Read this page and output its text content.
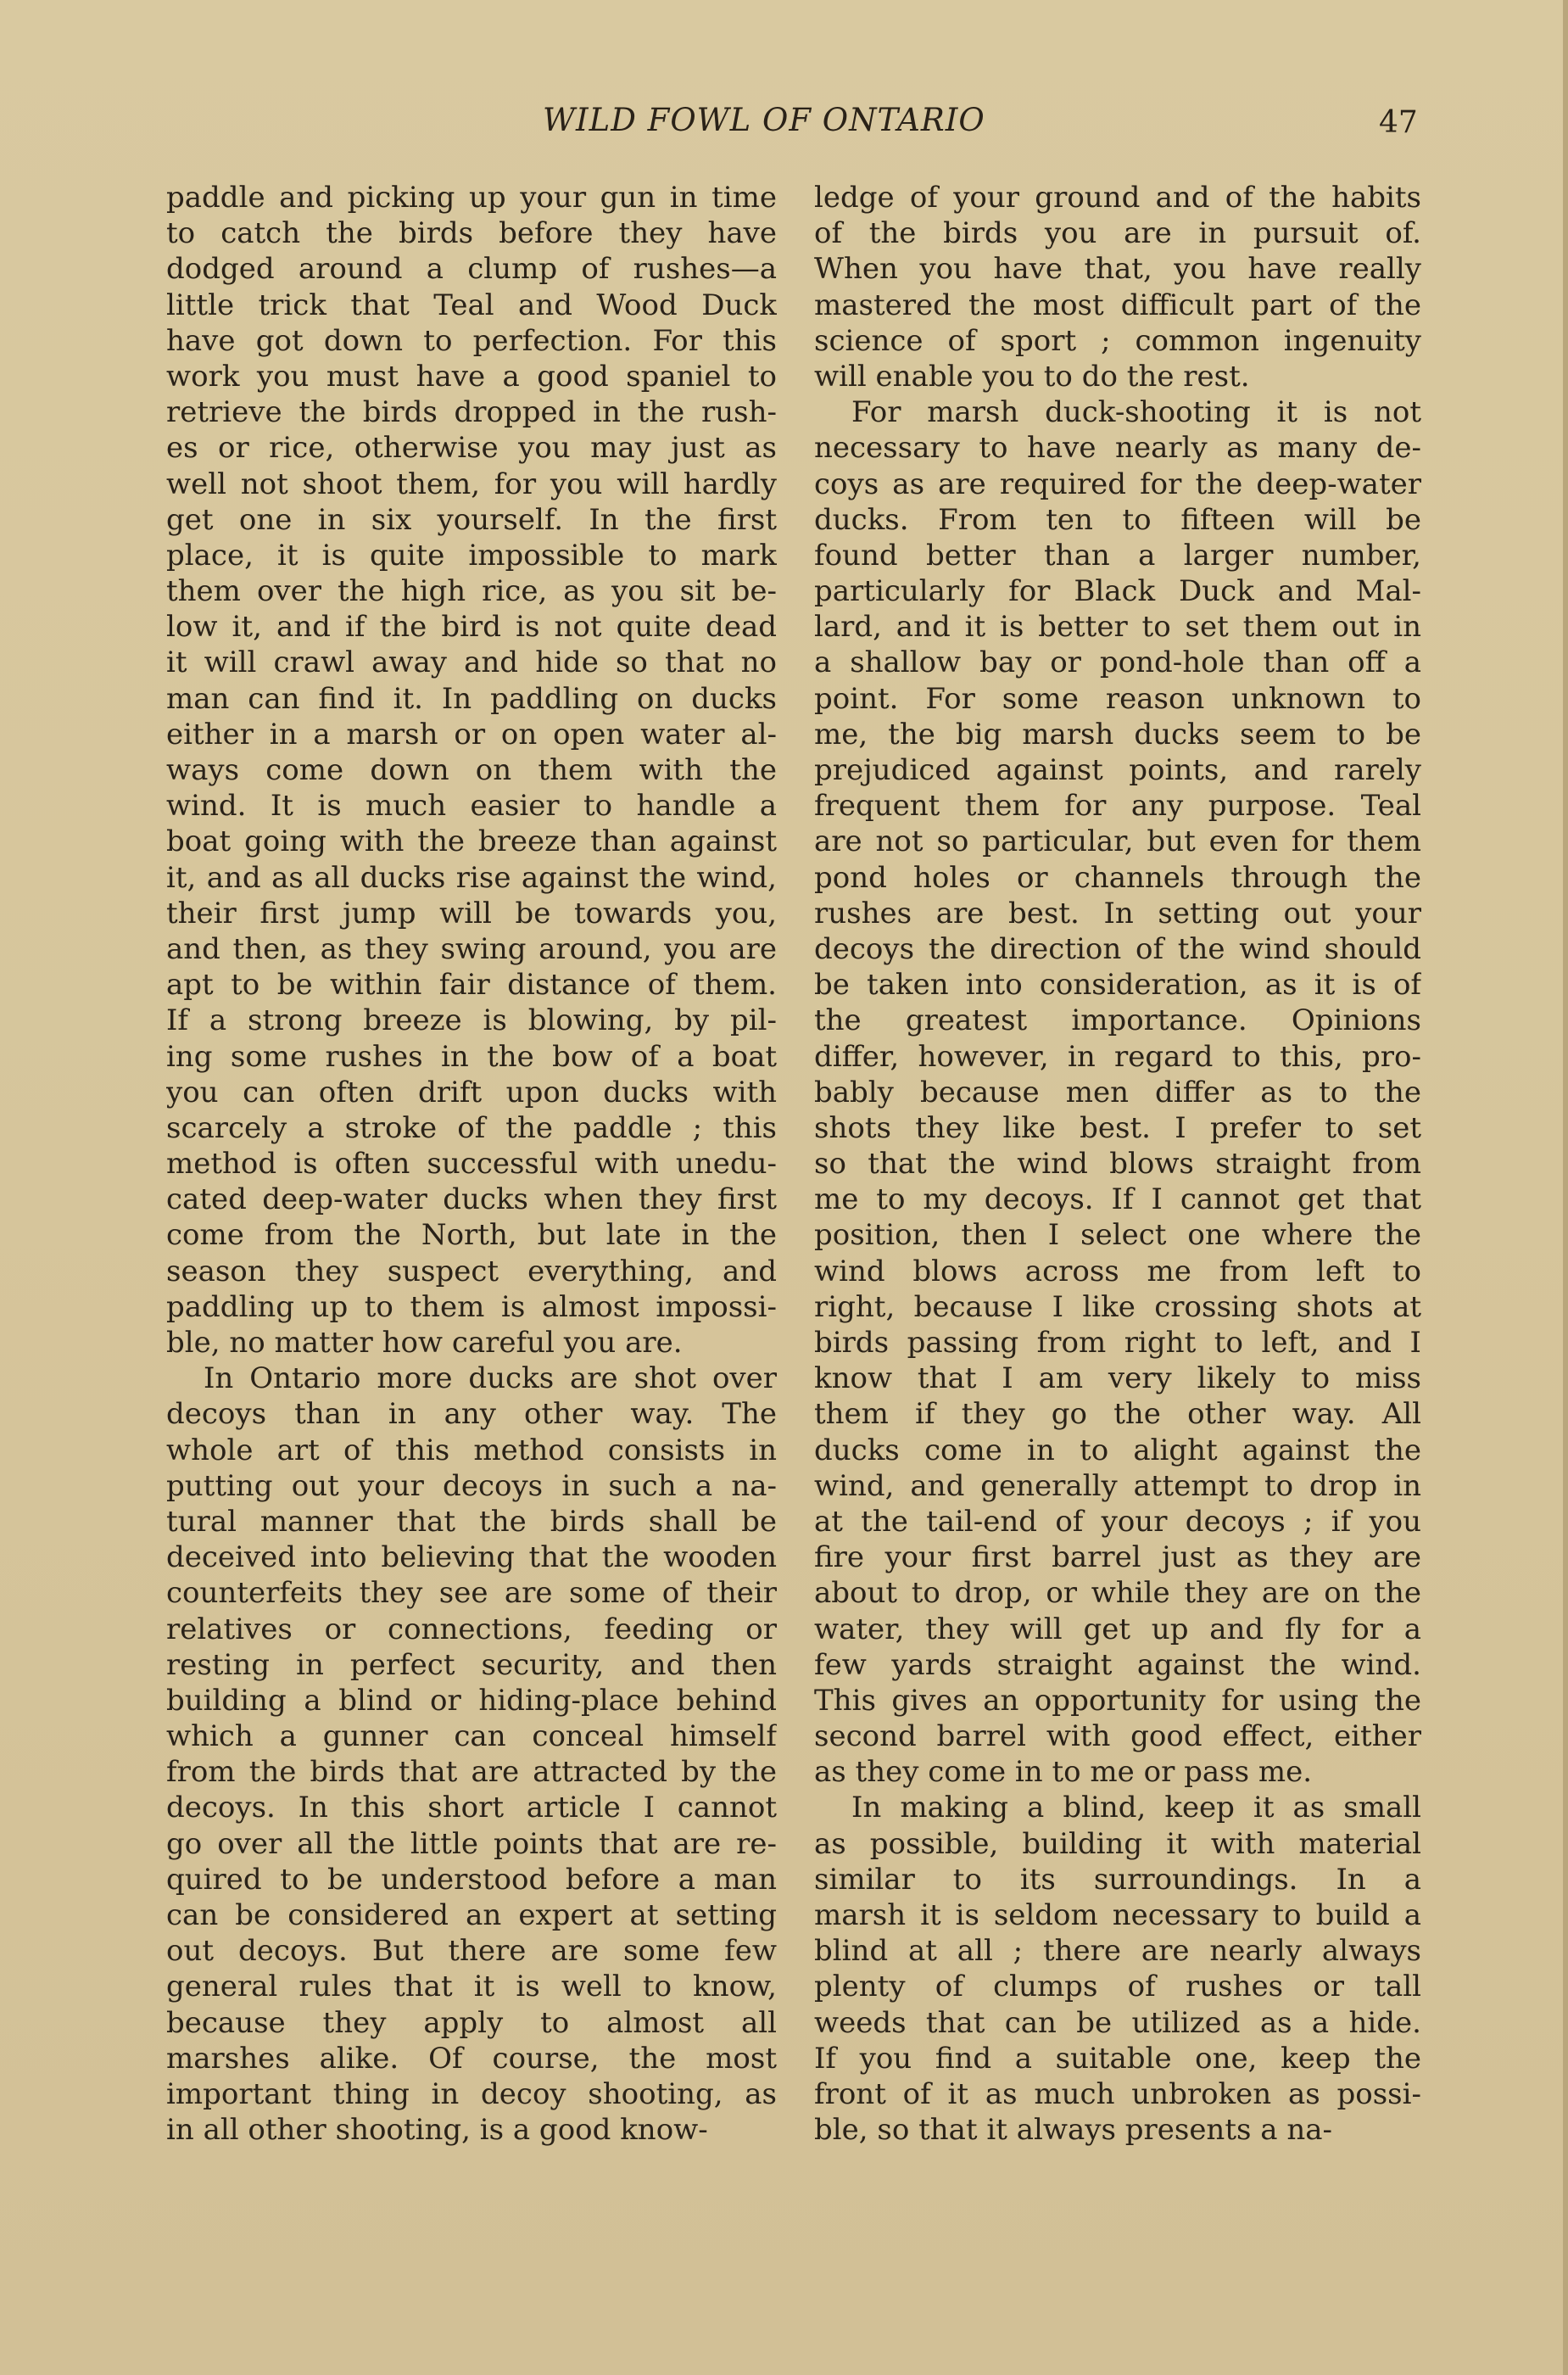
WILD FOWL OF ONTARIO	47
paddle and picking up your gun in time
to catch the birds before they have
dodged around a clump of rushes—a
little trick that Teal and Wood Duck
have got down to perfection. For this
work you must have a good spaniel to
retrieve the birds dropped in the rush-
es or rice, otherwise you may just as
well not shoot them, for you will hardly
get one in six yourself. In the first
place, it is quite impossible to mark
them over the high rice, as you sit be-
low it, and if the bird is not quite dead
it will crawl away and hide so that no
man can find it. In paddling on ducks
either in a marsh or on open water al-
ways come down on them with the
wind. It is much easier to handle a
boat going with the breeze than against
it, and as all ducks rise against the wind,
their first jump will be towards you,
and then, as they swing around, you are
apt to be within fair distance of them.
If a strong breeze is blowing, by pil-
ing some rushes in the bow of a boat
you can often drift upon ducks with
scarcely a stroke of the paddle ; this
method is often successful with unedu-
cated deep-water ducks when they first
come from the North, but late in the
season they suspect everything, and
paddling up to them is almost impossi-
ble, no matter how careful you are.
In Ontario more ducks are shot over
decoys than in any other way. The
whole art of this method consists in
putting out your decoys in such a na-
tural manner that the birds shall be
deceived into believing that the wooden
counterfeits they see are some of their
relatives or connections, feeding or
resting in perfect security, and then
building a blind or hiding-place behind
which a gunner can conceal himself
from the birds that are attracted by the
decoys. In this short article I cannot
go over all the little points that are re-
quired to be understood before a man
can be considered an expert at setting
out decoys. But there are some few
general rules that it is well to know,
because they apply to almost all
marshes alike. Of course, the most
important thing in decoy shooting, as
in all other shooting, is a good know-
ledge of your ground and of the habits
of the birds you are in pursuit of.
When you have that, you have really
mastered the most difficult part of the
science of sport ; common ingenuity
will enable you to do the rest.
For marsh duck-shooting it is not
necessary to have nearly as many de-
coys as are required for the deep-water
ducks. From ten to fifteen will be
found better than a larger number,
particularly for Black Duck and Mal-
lard, and it is better to set them out in
a shallow bay or pond-hole than off a
point. For some reason unknown to
me, the big marsh ducks seem to be
prejudiced against points, and rarely
frequent them for any purpose. Teal
are not so particular, but even for them
pond holes or channels through the
rushes are best. In setting out your
decoys the direction of the wind should
be taken into consideration, as it is of
the greatest importance. Opinions
differ, however, in regard to this, pro-
bably because men differ as to the
shots they like best. I prefer to set
so that the wind blows straight from
me to my decoys. If I cannot get that
position, then I select one where the
wind blows across me from left to
right, because I like crossing shots at
birds passing from right to left, and I
know that I am very likely to miss
them if they go the other way. All
ducks come in to alight against the
wind, and generally attempt to drop in
at the tail-end of your decoys ; if you
fire your first barrel just as they are
about to drop, or while they are on the
water, they will get up and fly for a
few yards straight against the wind.
This gives an opportunity for using the
second barrel with good effect, either
as they come in to me or pass me.
In making a blind, keep it as small
as possible, building it with material
similar to its surroundings. In a
marsh it is seldom necessary to build a
blind at all ; there are nearly always
plenty of clumps of rushes or tall
weeds that can be utilized as a hide.
If you find a suitable one, keep the
front of it as much unbroken as possi-
ble, so that it always presents a na-
